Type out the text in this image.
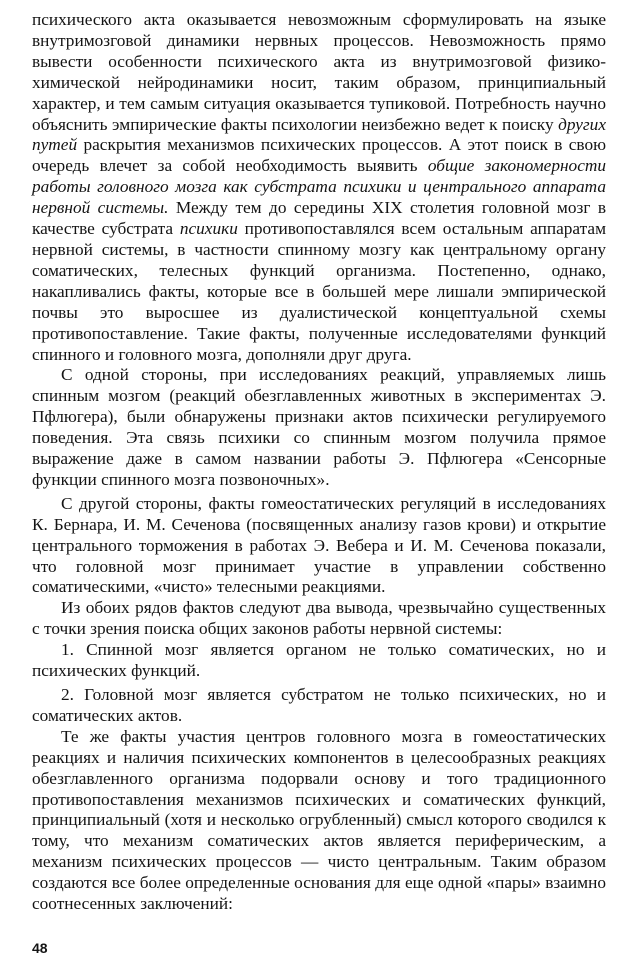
психического акта оказывается невозможным сформулировать на языке внутримозговой динамики нервных процессов. Невозможность прямо вывести особенности психического акта из внутримозговой физико-химической нейродинамики носит, таким образом, принципиальный характер, и тем самым ситуация оказывается тупиковой. Потребность научно объяснить эмпирические факты психологии неизбежно ведет к поиску других путей раскрытия механизмов психических процессов. А этот поиск в свою очередь влечет за собой необходимость выявить общие закономерности работы головного мозга как субстрата психики и центрального аппарата нервной системы. Между тем до середины XIX столетия головной мозг в качестве субстрата психики противопоставлялся всем остальным аппаратам нервной системы, в частности спинному мозгу как центральному органу соматических, телесных функций организма. Постепенно, однако, накапливались факты, которые все в большей мере лишали эмпирической почвы это выросшее из дуалистической концептуальной схемы противопоставление. Такие факты, полученные исследователями функций спинного и головного мозга, дополняли друг друга.

С одной стороны, при исследованиях реакций, управляемых лишь спинным мозгом (реакций обезглавленных животных в экспериментах Э. Пфлюгера), были обнаружены признаки актов психически регулируемого поведения. Эта связь психики со спинным мозгом получила прямое выражение даже в самом названии работы Э. Пфлюгера «Сенсорные функции спинного мозга позвоночных».

С другой стороны, факты гомеостатических регуляций в исследованиях К. Бернара, И. М. Сеченова (посвященных анализу газов крови) и открытие центрального торможения в работах Э. Вебера и И. М. Сеченова показали, что головной мозг принимает участие в управлении собственно соматическими, «чисто» телесными реакциями.

Из обоих рядов фактов следуют два вывода, чрезвычайно существенных с точки зрения поиска общих законов работы нервной системы:

1. Спинной мозг является органом не только соматических, но и психических функций.

2. Головной мозг является субстратом не только психических, но и соматических актов.

Те же факты участия центров головного мозга в гомеостатических реакциях и наличия психических компонентов в целесообразных реакциях обезглавленного организма подорвали основу и того традиционного противопоставления механизмов психических и соматических функций, принципиальный (хотя и несколько огрубленный) смысл которого сводился к тому, что механизм соматических актов является периферическим, а механизм психических процессов — чисто центральным. Таким образом создаются все более определенные основания для еще одной «пары» взаимно соотнесенных заключений:

48
